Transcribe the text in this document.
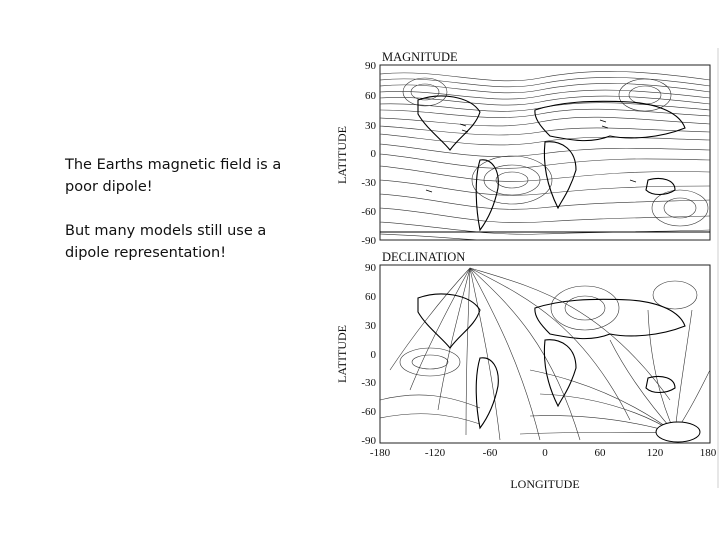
The Earths magnetic field is a poor dipole!

But many models still use a dipole representation!

MAGNITUDE
LATITUDE
90
60
30
0
-30
-60
-90
DECLINATION
LATITUDE
90
60
30
0
-30
-60
-90
-180	-120	-60	0	60	120	180
LONGITUDE
